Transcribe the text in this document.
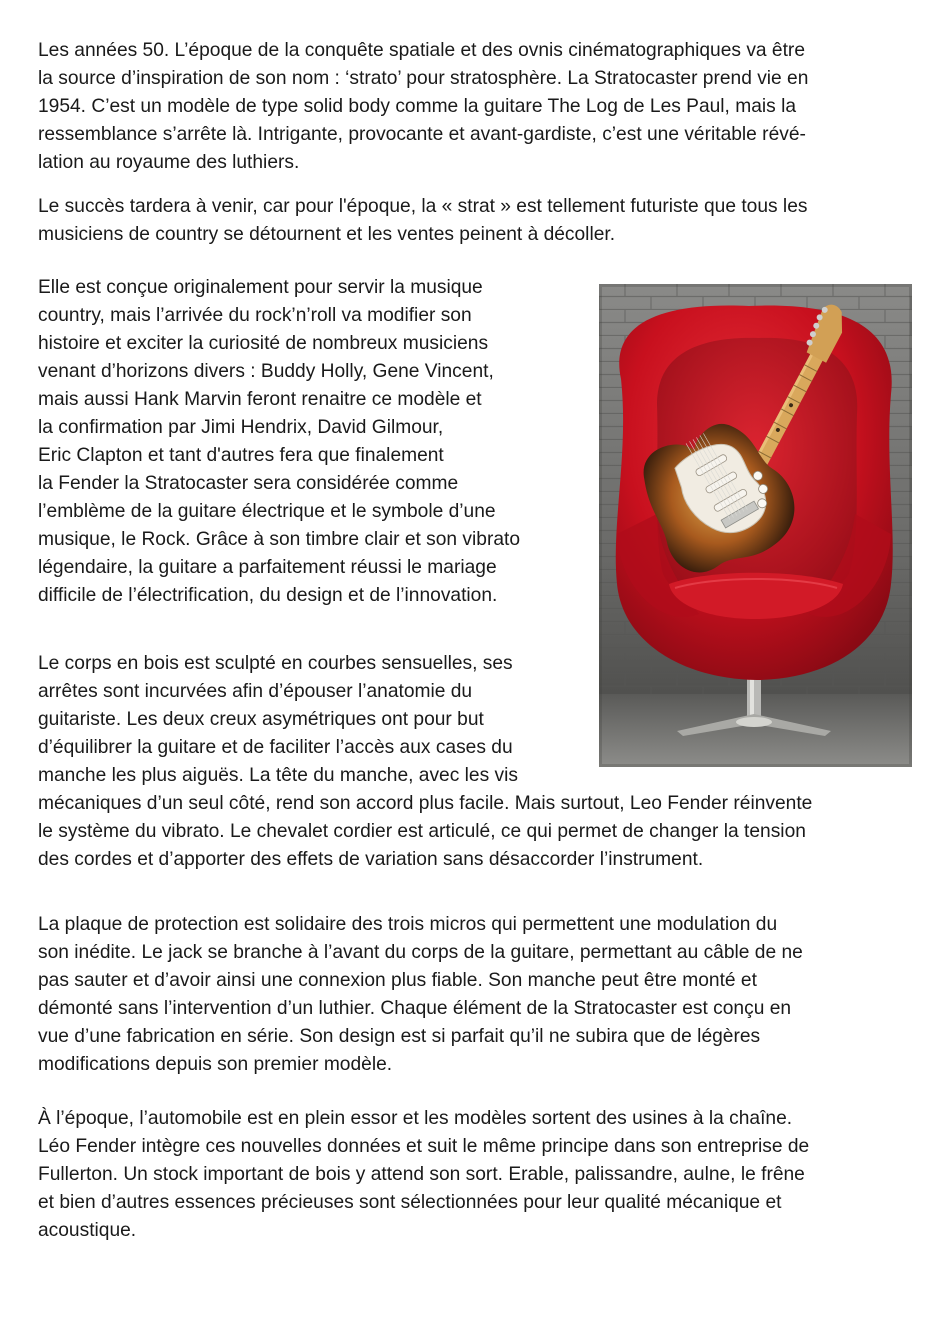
Les années 50. L’époque de la conquête spatiale et des ovnis cinématographiques va être
la source d’inspiration de son nom : ‘strato’ pour stratosphère. La Stratocaster prend vie en
1954. C’est un modèle de type solid body comme la guitare The Log de Les Paul, mais la
ressemblance s’arrête là. Intrigante, provocante et avant-gardiste, c’est une véritable révé-
lation au royaume des luthiers.

Le succès tardera à venir, car pour l'époque, la « strat » est tellement futuriste que tous les
musiciens de country se détournent et les ventes peinent à décoller.

Elle est conçue originalement pour servir la musique
country, mais l’arrivée du rock’n’roll va modifier son
histoire et exciter la curiosité de nombreux musiciens
venant d’horizons divers : Buddy Holly, Gene Vincent,
mais aussi Hank Marvin feront renaitre ce modèle et
la confirmation par Jimi Hendrix, David Gilmour,
Eric Clapton et tant d'autres fera que finalement
la Fender la Stratocaster sera considérée comme
l’emblème de la guitare électrique et le symbole d’une
musique, le Rock. Grâce à son timbre clair et son vibrato
légendaire, la guitare a parfaitement réussi le mariage
difficile de l’électrification, du design et de l’innovation.

Le corps en bois est sculpté en courbes sensuelles, ses
arrêtes sont incurvées afin d’épouser l’anatomie du
guitariste. Les deux creux asymétriques ont pour but
d’équilibrer la guitare et de faciliter l’accès aux cases du
manche les plus aiguës. La tête du manche, avec les vis
mécaniques d’un seul côté, rend son accord plus facile. Mais surtout, Leo Fender réinvente
le système du vibrato. Le chevalet cordier est articulé, ce qui permet de changer la tension
des cordes et d’apporter des effets de variation sans désaccorder l’instrument.

La plaque de protection est solidaire des trois micros qui permettent une modulation du
son inédite. Le jack se branche à l’avant du corps de la guitare, permettant au câble de ne
pas sauter et d’avoir ainsi une connexion plus fiable. Son manche peut être monté et
démonté sans l’intervention d’un luthier. Chaque élément de la Stratocaster est conçu en
vue d’une fabrication en série. Son design est si parfait qu’il ne subira que de légères
modifications depuis son premier modèle.

À l’époque, l’automobile est en plein essor et les modèles sortent des usines à la chaîne.
Léo Fender intègre ces nouvelles données et suit le même principe dans son entreprise de
Fullerton. Un stock important de bois y attend son sort. Erable, palissandre, aulne, le frêne
et bien d’autres essences précieuses sont sélectionnées pour leur qualité mécanique et
acoustique.
